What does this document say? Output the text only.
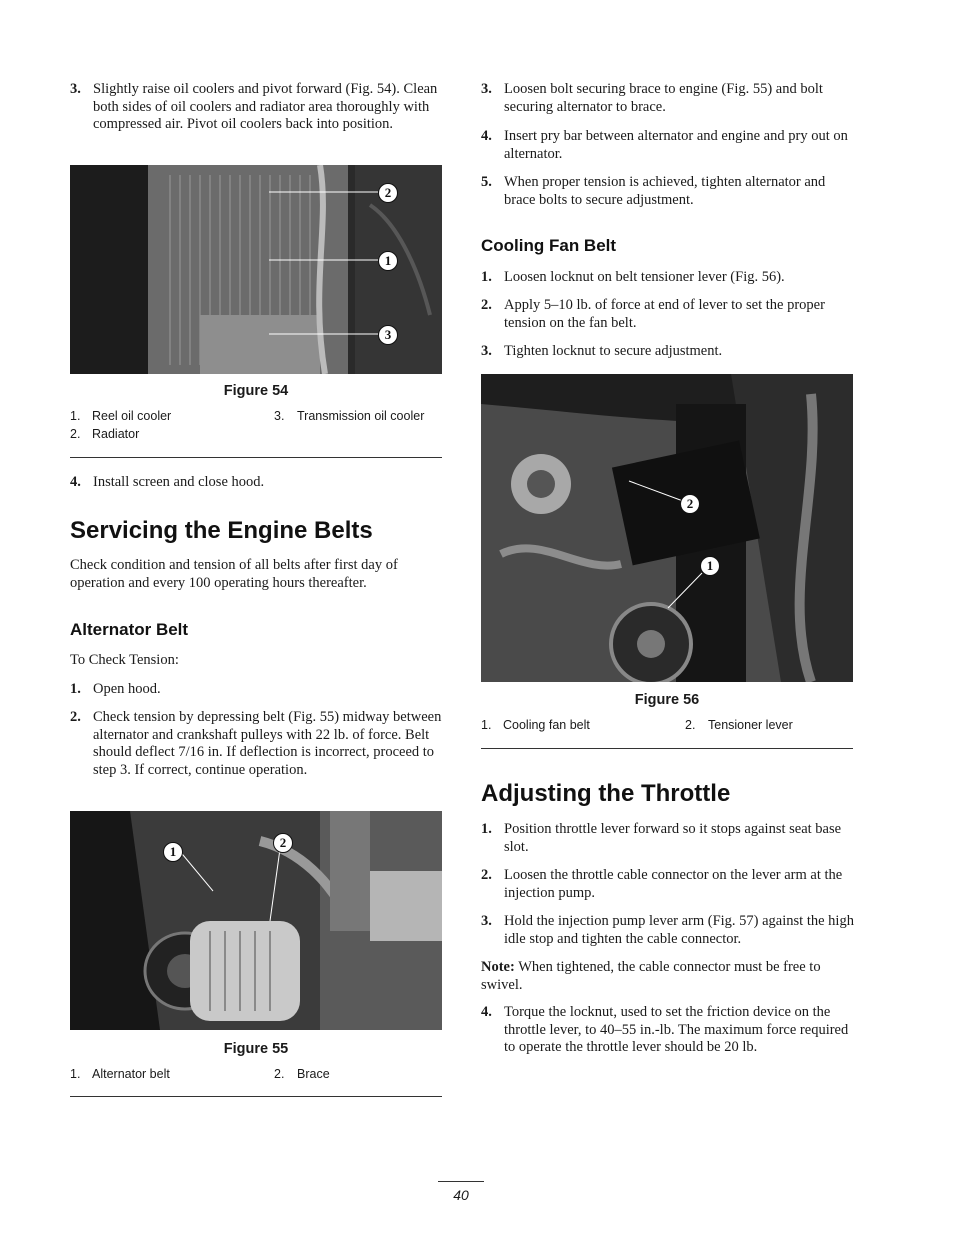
3. Slightly raise oil coolers and pivot forward (Fig. 54). Clean both sides of oil coolers and radiator area thoroughly with compressed air. Pivot oil coolers back into position.
2
1
3
Figure 54
1. Reel oil cooler	3. Transmission oil cooler
2. Radiator
4. Install screen and close hood.
Servicing the Engine Belts
Check condition and tension of all belts after first day of operation and every 100 operating hours thereafter.
Alternator Belt
To Check Tension:
1. Open hood.
2. Check tension by depressing belt (Fig. 55) midway between alternator and crankshaft pulleys with 22 lb. of force. Belt should deflect 7/16 in. If deflection is incorrect, proceed to step 3. If correct, continue operation.
1
2
Figure 55
1. Alternator belt	2. Brace
3. Loosen bolt securing brace to engine (Fig. 55) and bolt securing alternator to brace.
4. Insert pry bar between alternator and engine and pry out on alternator.
5. When proper tension is achieved, tighten alternator and brace bolts to secure adjustment.
Cooling Fan Belt
1. Loosen locknut on belt tensioner lever (Fig. 56).
2. Apply 5–10 lb. of force at end of lever to set the proper tension on the fan belt.
3. Tighten locknut to secure adjustment.
2
1
Figure 56
1. Cooling fan belt	2. Tensioner lever
Adjusting the Throttle
1. Position throttle lever forward so it stops against seat base slot.
2. Loosen the throttle cable connector on the lever arm at the injection pump.
3. Hold the injection pump lever arm (Fig. 57) against the high idle stop and tighten the cable connector.
Note: When tightened, the cable connector must be free to swivel.
4. Torque the locknut, used to set the friction device on the throttle lever, to 40–55 in.-lb. The maximum force required to operate the throttle lever should be 20 lb.
40
